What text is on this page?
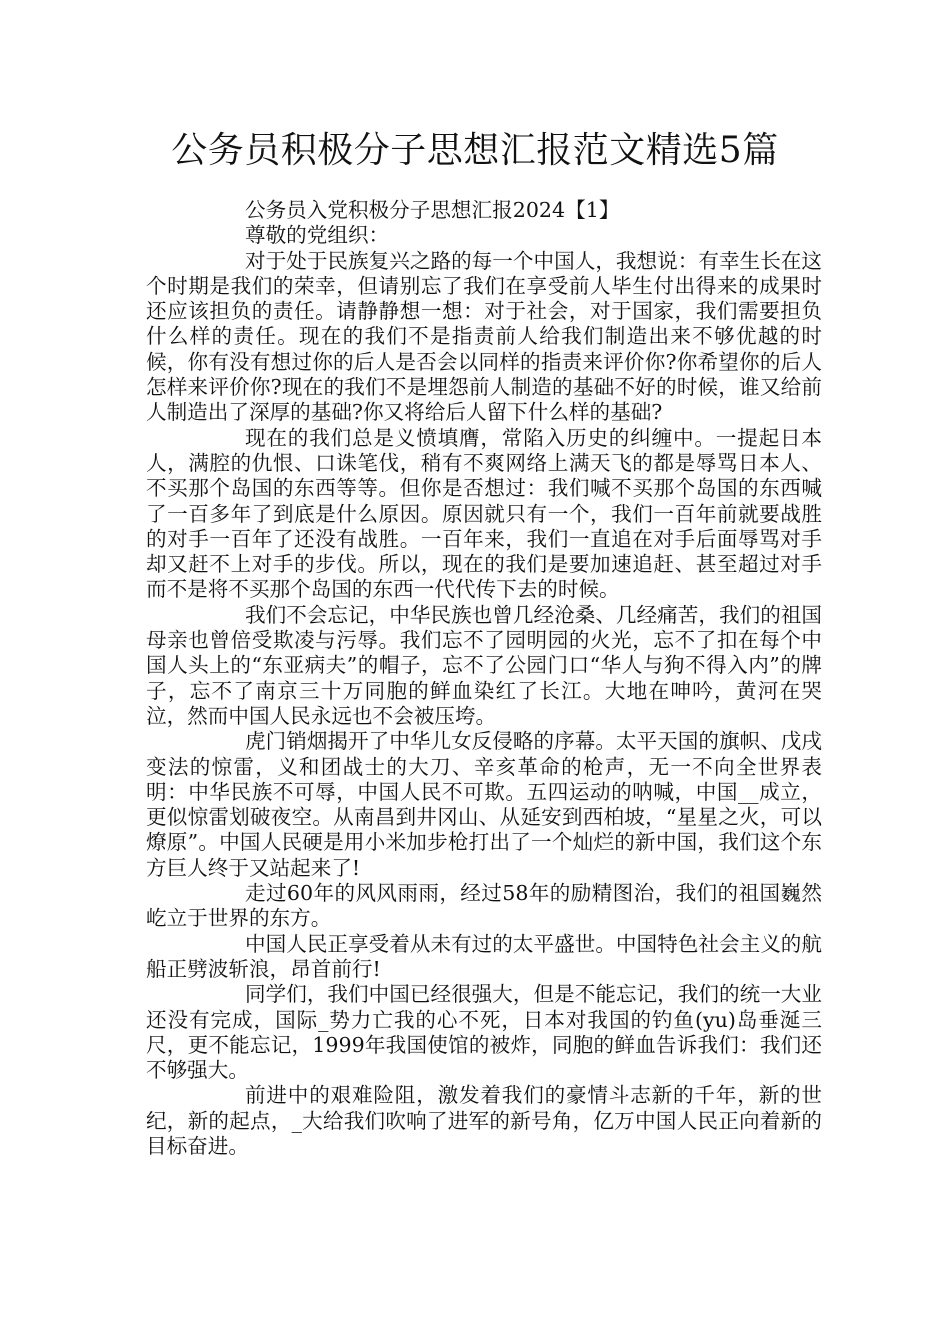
公务员积极分子思想汇报范文精选5篇

公务员入党积极分子思想汇报2024【1】

尊敬的党组织：

对于处于民族复兴之路的每一个中国人，我想说：有幸生长在这个时期是我们的荣幸，但请别忘了我们在享受前人毕生付出得来的成果时还应该担负的责任。请静静想一想：对于社会，对于国家，我们需要担负什么样的责任。现在的我们不是指责前人给我们制造出来不够优越的时候，你有没有想过你的后人是否会以同样的指责来评价你?你希望你的后人怎样来评价你?现在的我们不是埋怨前人制造的基础不好的时候，谁又给前人制造出了深厚的基础?你又将给后人留下什么样的基础?

现在的我们总是义愤填膺，常陷入历史的纠缠中。一提起日本人，满腔的仇恨、口诛笔伐，稍有不爽网络上满天飞的都是辱骂日本人、不买那个岛国的东西等等。但你是否想过：我们喊不买那个岛国的东西喊了一百多年了到底是什么原因。原因就只有一个，我们一百年前就要战胜的对手一百年了还没有战胜。一百年来，我们一直追在对手后面辱骂对手却又赶不上对手的步伐。所以，现在的我们是要加速追赶、甚至超过对手而不是将不买那个岛国的东西一代代传下去的时候。

我们不会忘记，中华民族也曾几经沧桑、几经痛苦，我们的祖国母亲也曾倍受欺凌与污辱。我们忘不了园明园的火光，忘不了扣在每个中国人头上的“东亚病夫”的帽子，忘不了公园门口“华人与狗不得入内”的牌子，忘不了南京三十万同胞的鲜血染红了长江。大地在呻吟，黄河在哭泣，然而中国人民永远也不会被压垮。

虎门销烟揭开了中华儿女反侵略的序幕。太平天国的旗帜、戊戌变法的惊雷，义和团战士的大刀、辛亥革命的枪声，无一不向全世界表明：中华民族不可辱，中国人民不可欺。五四运动的呐喊，中国__成立，更似惊雷划破夜空。从南昌到井冈山、从延安到西柏坡，“星星之火，可以燎原”。中国人民硬是用小米加步枪打出了一个灿烂的新中国，我们这个东方巨人终于又站起来了!

走过60年的风风雨雨，经过58年的励精图治，我们的祖国巍然屹立于世界的东方。

中国人民正享受着从未有过的太平盛世。中国特色社会主义的航船正劈波斩浪，昂首前行!

同学们，我们中国已经很强大，但是不能忘记，我们的统一大业还没有完成，国际_势力亡我的心不死，日本对我国的钓鱼(yu)岛垂涎三尺，更不能忘记，1999年我国使馆的被炸，同胞的鲜血告诉我们：我们还不够强大。

前进中的艰难险阻，激发着我们的豪情斗志新的千年，新的世纪，新的起点，_大给我们吹响了进军的新号角，亿万中国人民正向着新的目标奋进。
